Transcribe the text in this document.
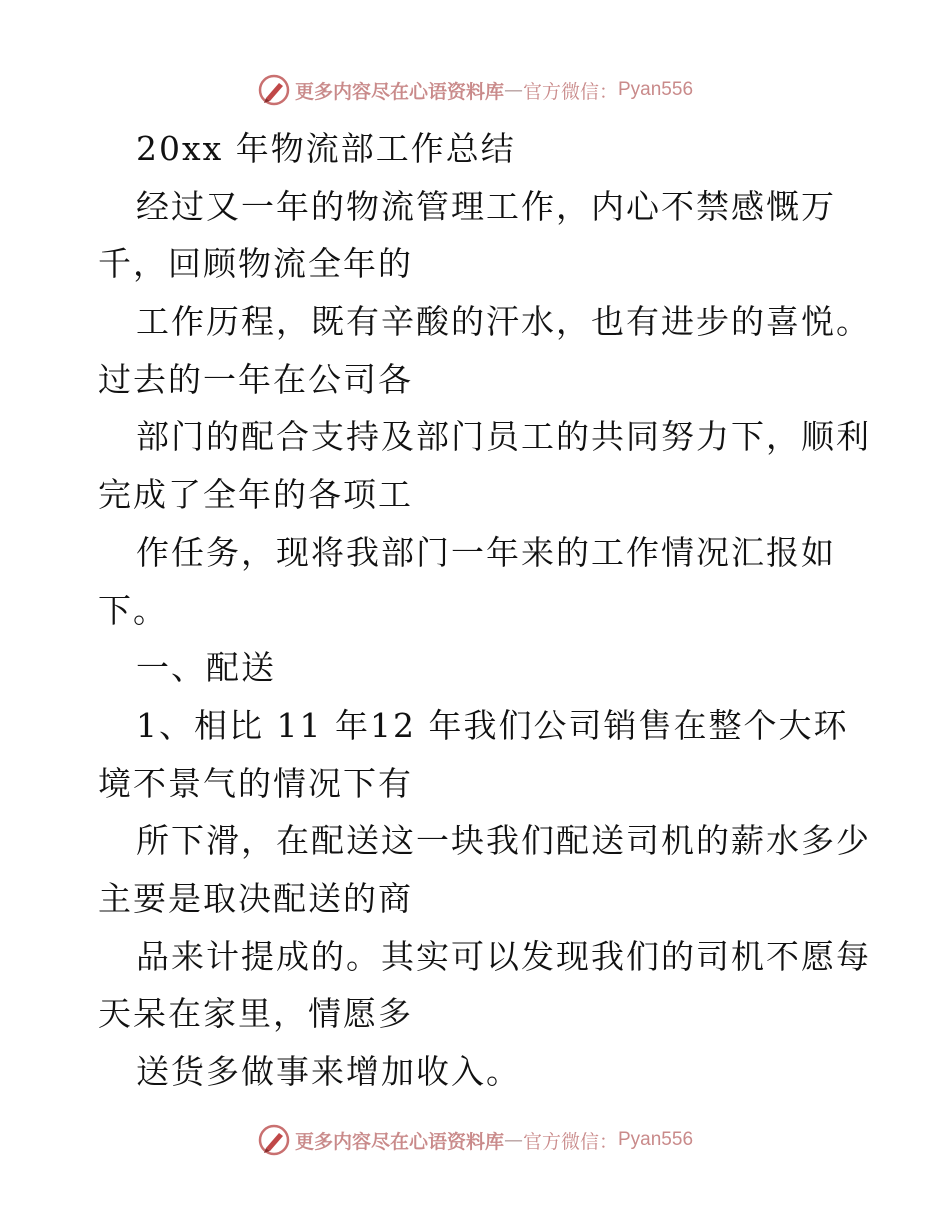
更多内容尽在心语资料库 — 官方微信： Pyan556
20xx 年物流部工作总结
经过又一年的物流管理工作，内心不禁感慨万
千，回顾物流全年的
工作历程，既有辛酸的汗水，也有进步的喜悦。
过去的一年在公司各
部门的配合支持及部门员工的共同努力下，顺利
完成了全年的各项工
作任务，现将我部门一年来的工作情况汇报如
下。
一、配送
1、相比 11 年12 年我们公司销售在整个大环
境不景气的情况下有
所下滑，在配送这一块我们配送司机的薪水多少
主要是取决配送的商
品来计提成的。其实可以发现我们的司机不愿每
天呆在家里，情愿多
送货多做事来增加收入。
更多内容尽在心语资料库 — 官方微信： Pyan556
